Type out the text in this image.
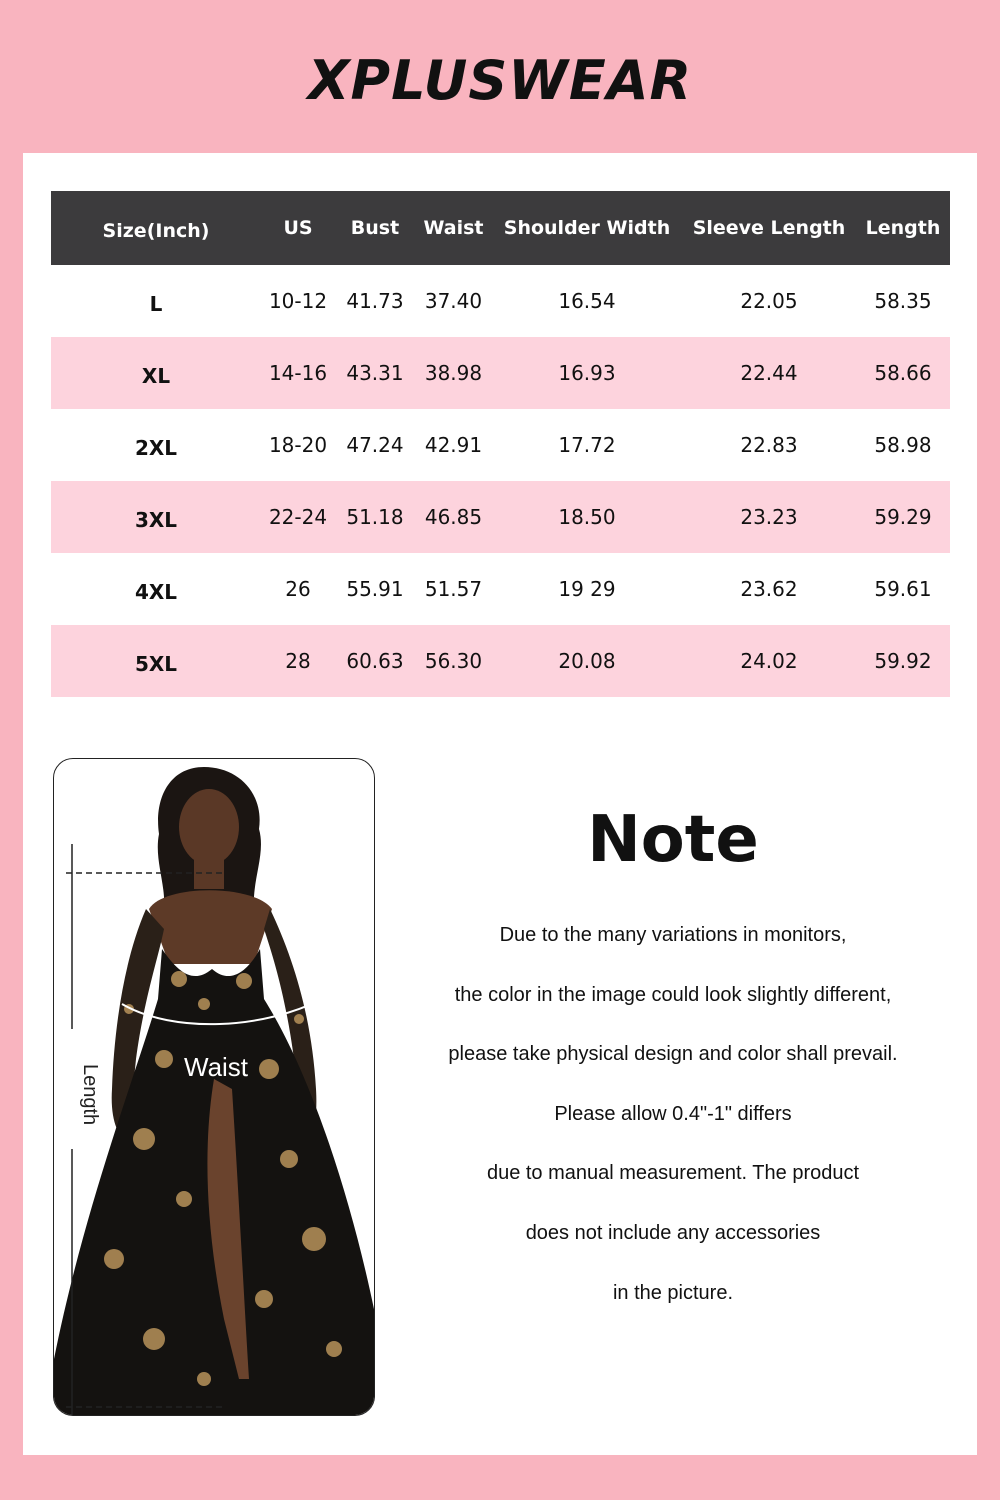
XPLUSWEAR
Size(Inch)	US	Bust	Waist	Shoulder Width	Sleeve Length	Length
L	10-12	41.73	37.40	16.54	22.05	58.35
XL	14-16	43.31	38.98	16.93	22.44	58.66
2XL	18-20	47.24	42.91	17.72	22.83	58.98
3XL	22-24	51.18	46.85	18.50	23.23	59.29
4XL	26	55.91	51.57	19 29	23.62	59.61
5XL	28	60.63	56.30	20.08	24.02	59.92
Waist
Length
Note
Due to the many variations in monitors,
the color in the image could look slightly different,
please take physical design and color shall prevail.
Please allow 0.4"-1" differs
due to manual measurement. The product
does not include any accessories
in the picture.
